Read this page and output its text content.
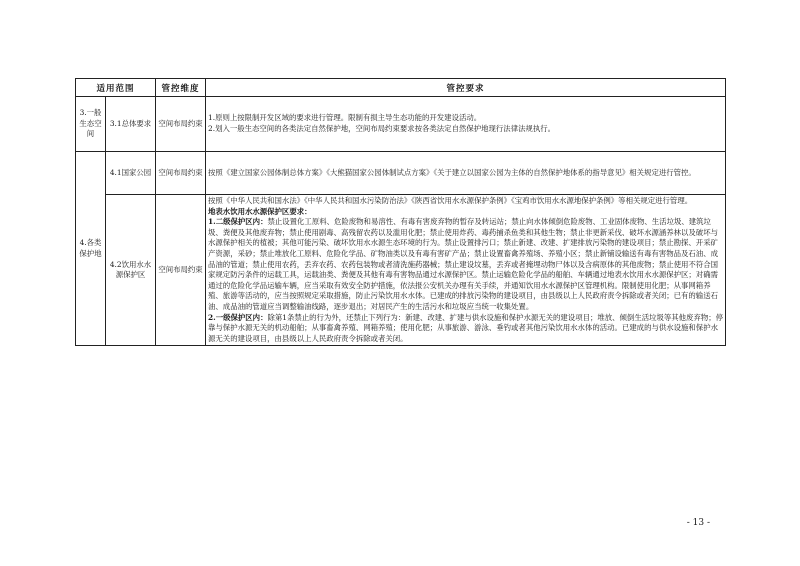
适用范围		管控维度	管控要求
3.一般生态空间	3.1总体要求	空间布局约束	1.原则上按限制开发区域的要求进行管理。限制有损主导生态功能的开发建设活动。

2.划入一般生态空间的各类法定自然保护地，空间布局约束要求按各类法定自然保护地现行法律法规执行。

4.各类保护地	4.1国家公园	空间布局约束	按照《建立国家公园体制总体方案》《大熊猫国家公园体制试点方案》《关于建立以国家公园为主体的自然保护地体系的指导意见》相关规定进行管控。

	4.2饮用水水源保护区	空间布局约束	按照《中华人民共和国水法》《中华人民共和国水污染防治法》《陕西省饮用水水源保护条例》《宝鸡市饮用水水源地保护条例》等相关规定进行管理。

地表水饮用水水源保护区要求：

1.二级保护区内：禁止设置化工原料、危险废物和易溶性、有毒有害废弃物的暂存及转运站；禁止向水体倾倒危险废物、工业固体废物、生活垃圾、建筑垃圾、粪便及其他废弃物；禁止使用剧毒、高残留农药以及滥用化肥；禁止使用炸药、毒药捕杀鱼类和其他生物；禁止非更新采伐、破坏水源涵养林以及破坏与水源保护相关的植被；其他可能污染、破坏饮用水水源生态环境的行为。禁止设置排污口；禁止新建、改建、扩建排放污染物的建设项目；禁止勘探、开采矿产资源，采砂；禁止堆放化工原料、危险化学品、矿物油类以及有毒有害矿产品；禁止设置畜禽养殖场、养殖小区；禁止新铺设输送有毒有害物品及石油、成品油的管道；禁止使用农药，丢弃农药、农药包装物或者清洗施药器械；禁止建设坟墓，丢弃或者掩埋动物尸体以及含病原体的其他废物；禁止使用不符合国家规定防污条件的运载工具，运载油类、粪便及其他有毒有害物品通过水源保护区。禁止运输危险化学品的船舶、车辆通过地表水饮用水水源保护区；对确需通过的危险化学品运输车辆，应当采取有效安全防护措施，依法报公安机关办理有关手续，并通知饮用水水源保护区管理机构。限制使用化肥；从事网箱养殖、旅游等活动的，应当按照规定采取措施，防止污染饮用水水体。已建成的排放污染物的建设项目，由县级以上人民政府责令拆除或者关闭；已有的输送石油、成品油的管道应当调整输油线路，逐步退出；对居民产生的生活污水和垃圾应当统一收集处置。

2.一级保护区内：除第1条禁止的行为外，还禁止下列行为：新建、改建、扩建与供水设施和保护水源无关的建设项目；堆放、倾倒生活垃圾等其他废弃物；停靠与保护水源无关的机动船舶；从事畜禽养殖、网箱养殖；使用化肥；从事旅游、游泳、垂钓或者其他污染饮用水水体的活动。已建成的与供水设施和保护水源无关的建设项目，由县级以上人民政府责令拆除或者关闭。

- 13 -
